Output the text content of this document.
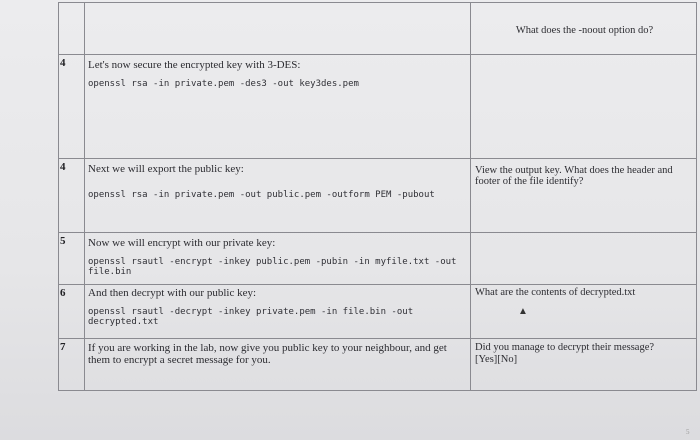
		What does the -noout option do?

4	Let's now secure the encrypted key with 3-DES:
openssl rsa -in private.pem -des3 -out key3des.pem	

4	Next we will export the public key:
openssl rsa -in private.pem -out public.pem -outform PEM -pubout	View the output key. What does the header and footer of the file identify?

5	Now we will encrypt with our private key:
openssl rsautl -encrypt -inkey public.pem -pubin -in myfile.txt -out file.bin	

6	And then decrypt with our public key:
openssl rsautl -decrypt -inkey private.pem -in file.bin -out decrypted.txt	What are the contents of decrypted.txt

7	If you are working in the lab, now give you public key to your neighbour, and get them to encrypt a secret message for you.	Did you manage to decrypt their message?
[Yes][No]
▲
5
